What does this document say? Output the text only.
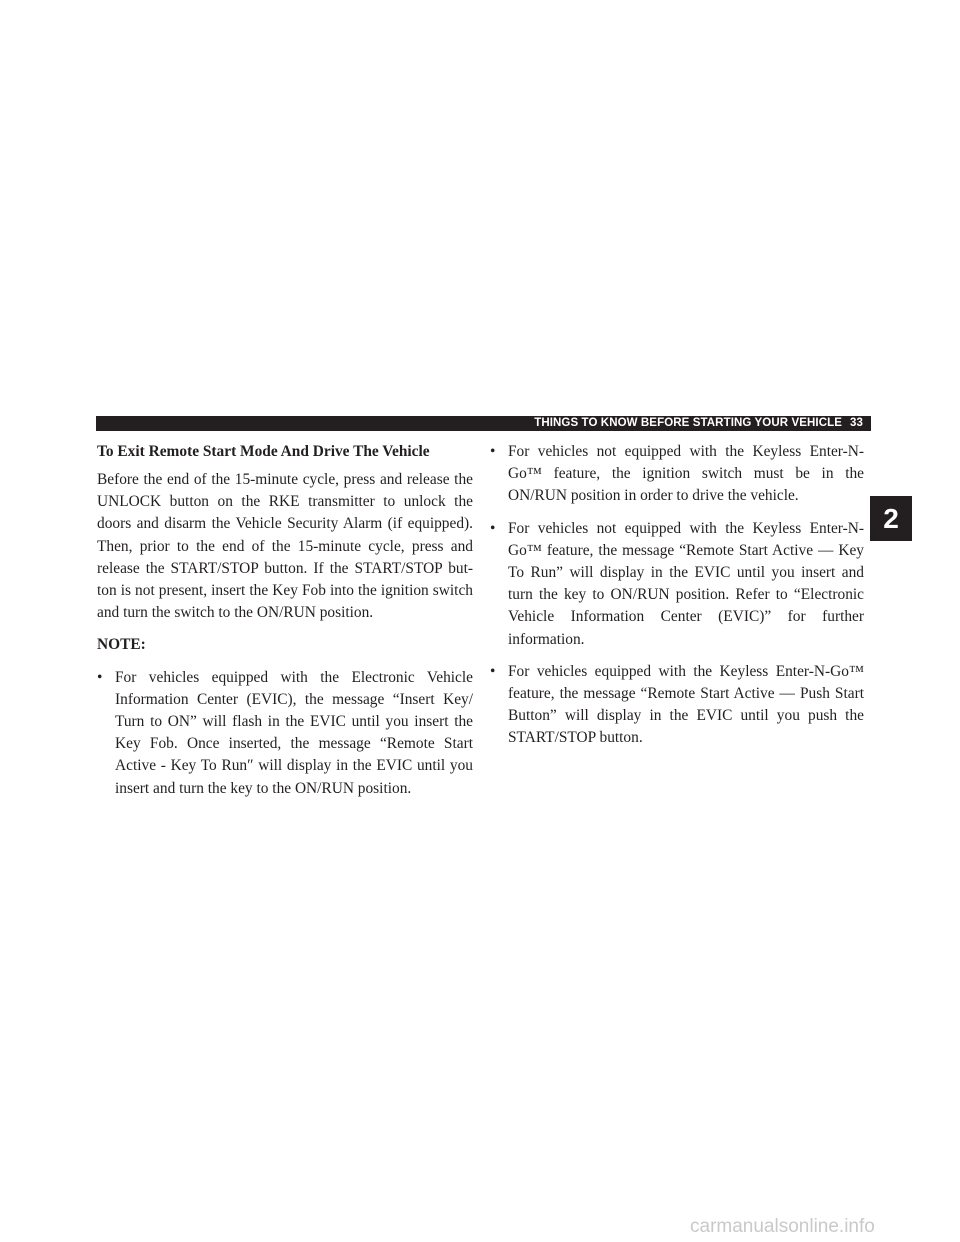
THINGS TO KNOW BEFORE STARTING YOUR VEHICLE 33
To Exit Remote Start Mode And Drive The Vehicle

Before the end of the 15-minute cycle, press and release the UNLOCK button on the RKE transmitter to unlock the doors and disarm the Vehicle Security Alarm (if equipped). Then, prior to the end of the 15-minute cycle, press and release the START/STOP button. If the START/STOP but-ton is not present, insert the Key Fob into the ignition switch and turn the switch to the ON/RUN position.

NOTE:
• For vehicles equipped with the Electronic Vehicle Information Center (EVIC), the message “Insert Key/ Turn to ON” will flash in the EVIC until you insert the Key Fob. Once inserted, the message “Remote Start Active - Key To Run″ will display in the EVIC until you insert and turn the key to the ON/RUN position.
• For vehicles not equipped with the Keyless Enter-N-Go™ feature, the ignition switch must be in the ON/RUN position in order to drive the vehicle.
• For vehicles not equipped with the Keyless Enter-N-Go™ feature, the message “Remote Start Active — Key To Run” will display in the EVIC until you insert and turn the key to ON/RUN position. Refer to “Electronic Vehicle Information Center (EVIC)” for further information.
• For vehicles equipped with the Keyless Enter-N-Go™ feature, the message “Remote Start Active — Push Start Button” will display in the EVIC until you push the START/STOP button.
2
carmanualsonline.info
